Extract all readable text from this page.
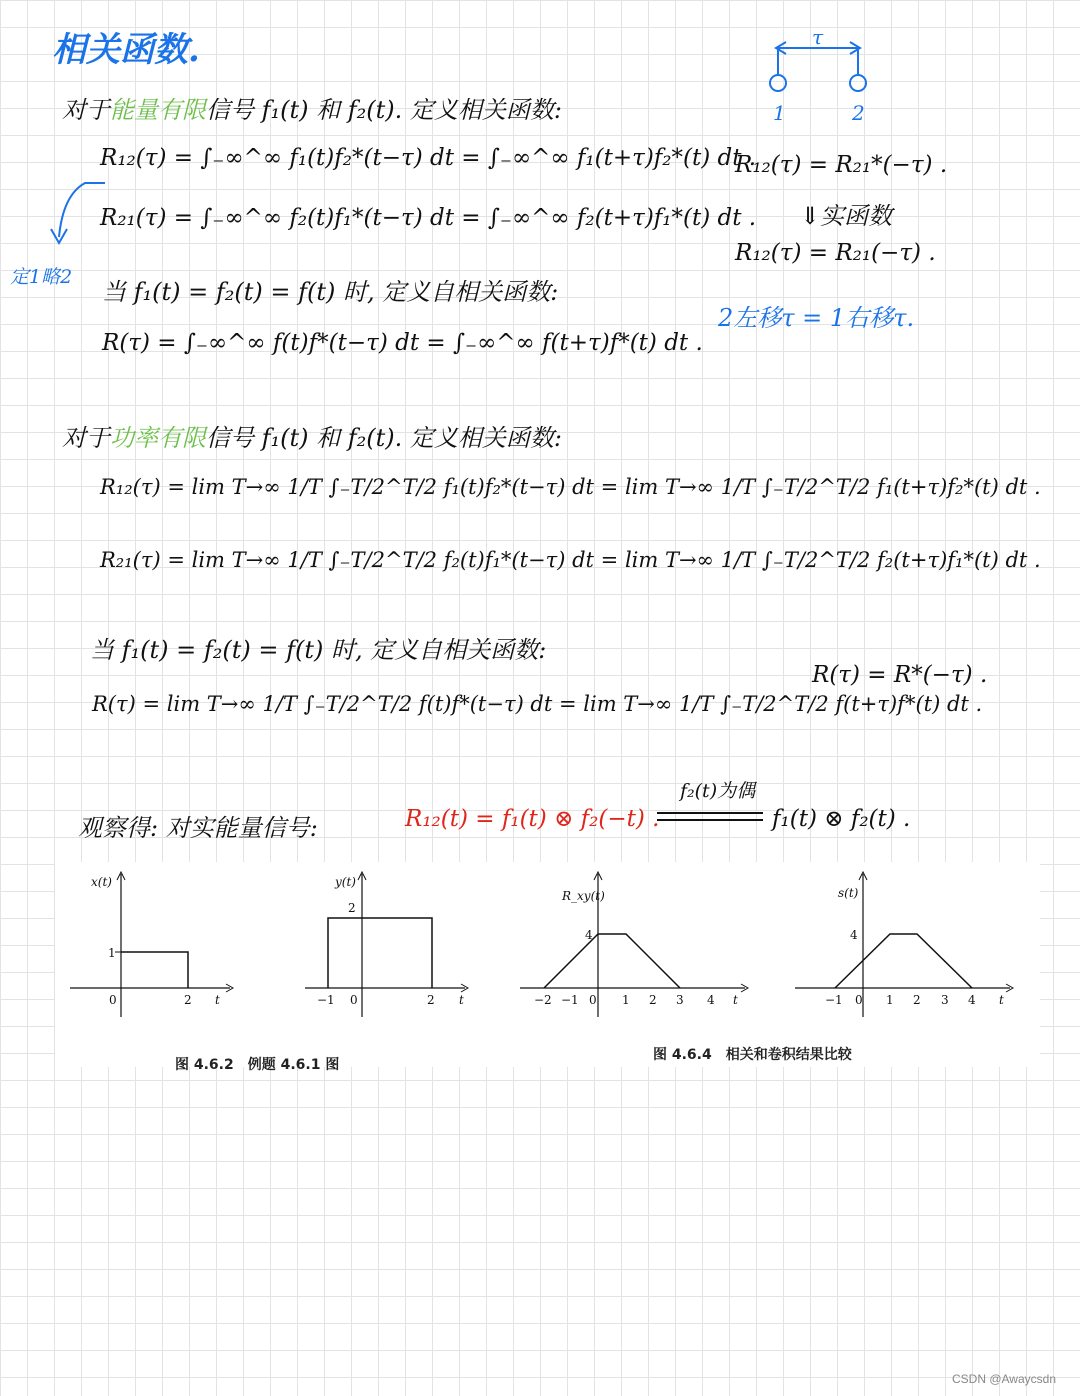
相关函数.
对于能量有限信号 f₁(t) 和 f₂(t). 定义相关函数:
R₁₂(τ) = ∫₋∞^∞ f₁(t)f₂*(t−τ) dt = ∫₋∞^∞ f₁(t+τ)f₂*(t) dt .
R₂₁(τ) = ∫₋∞^∞ f₂(t)f₁*(t−τ) dt = ∫₋∞^∞ f₂(t+τ)f₁*(t) dt .
定1略2
当 f₁(t) = f₂(t) = f(t) 时, 定义自相关函数:
R(τ) = ∫₋∞^∞ f(t)f*(t−τ) dt = ∫₋∞^∞ f(t+τ)f*(t) dt .
τ
1	2
R₁₂(τ) = R₂₁*(−τ) .
⇓实函数
R₁₂(τ) = R₂₁(−τ) .
2左移τ = 1右移τ.
对于功率有限信号 f₁(t) 和 f₂(t). 定义相关函数:
R₁₂(τ) = lim T→∞ 1/T ∫₋T/2^T/2 f₁(t)f₂*(t−τ) dt = lim T→∞ 1/T ∫₋T/2^T/2 f₁(t+τ)f₂*(t) dt .
R₂₁(τ) = lim T→∞ 1/T ∫₋T/2^T/2 f₂(t)f₁*(t−τ) dt = lim T→∞ 1/T ∫₋T/2^T/2 f₂(t+τ)f₁*(t) dt .
当 f₁(t) = f₂(t) = f(t) 时, 定义自相关函数:
R(τ) = lim T→∞ 1/T ∫₋T/2^T/2 f(t)f*(t−τ) dt = lim T→∞ 1/T ∫₋T/2^T/2 f(t+τ)f*(t) dt .
R(τ) = R*(−τ) .
观察得: 对实能量信号:	R₁₂(t) = f₁(t) ⊗ f₂(−t) .
f₂(t)为偶
f₁(t) ⊗ f₂(t) .
x(t)
1
0	2 t
y(t)
2
−1 0	2 t
R_xy(t)
4
−2 −1 0 1 2 3 4 t
s(t)
4
−1 0 1 2 3 4 t
图 4.6.2　例题 4.6.1 图
图 4.6.4　相关和卷积结果比较
CSDN @Awaycsdn
